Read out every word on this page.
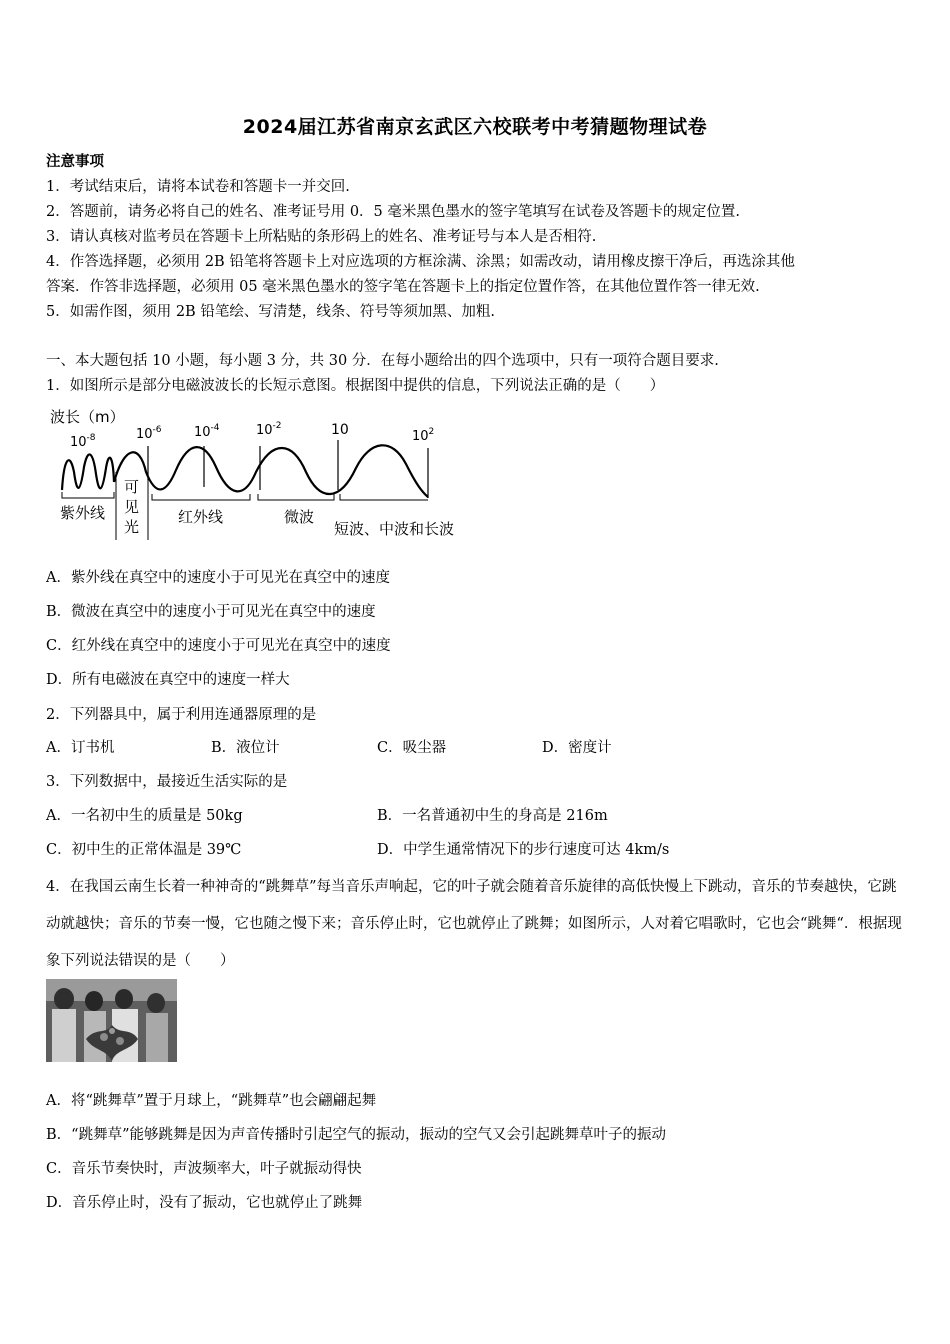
2024届江苏省南京玄武区六校联考中考猜题物理试卷
注意事项
1．考试结束后，请将本试卷和答题卡一并交回.
2．答题前，请务必将自己的姓名、准考证号用 0．5 毫米黑色墨水的签字笔填写在试卷及答题卡的规定位置.
3．请认真核对监考员在答题卡上所粘贴的条形码上的姓名、准考证号与本人是否相符.
4．作答选择题，必须用 2B 铅笔将答题卡上对应选项的方框涂满、涂黑；如需改动，请用橡皮擦干净后，再选涂其他
答案．作答非选择题，必须用 05 毫米黑色墨水的签字笔在答题卡上的指定位置作答，在其他位置作答一律无效.
5．如需作图，须用 2B 铅笔绘、写清楚，线条、符号等须加黑、加粗.
一、本大题包括 10 小题，每小题 3 分，共 30 分．在每小题给出的四个选项中，只有一项符合题目要求.
1．如图所示是部分电磁波波长的长短示意图。根据图中提供的信息，下列说法正确的是（　　）
波长（m）
$10^{-8}$	$10^{-6}$ $10^{-4}$	$10^{-2}$	10	$10^2$
紫外线
可
见
光
红外线	微波
短波、中波和长波
A．紫外线在真空中的速度小于可见光在真空中的速度
B．微波在真空中的速度小于可见光在真空中的速度
C．红外线在真空中的速度小于可见光在真空中的速度
D．所有电磁波在真空中的速度一样大
2．下列器具中，属于利用连通器原理的是
A．订书机	B．液位计	C．吸尘器	D．密度计
3．下列数据中，最接近生活实际的是
A．一名初中生的质量是 50kg	B．一名普通初中生的身高是 216m
C．初中生的正常体温是 39℃	D．中学生通常情况下的步行速度可达 4km/s
4．在我国云南生长着一种神奇的“跳舞草”每当音乐声响起，它的叶子就会随着音乐旋律的高低快慢上下跳动，音乐的节奏越快，它跳动就越快；音乐的节奏一慢，它也随之慢下来；音乐停止时，它也就停止了跳舞；如图所示，人对着它唱歌时，它也会“跳舞“．根据现象下列说法错误的是（　　）
A．将“跳舞草”置于月球上，“跳舞草”也会翩翩起舞
B．“跳舞草”能够跳舞是因为声音传播时引起空气的振动，振动的空气又会引起跳舞草叶子的振动
C．音乐节奏快时，声波频率大，叶子就振动得快
D．音乐停止时，没有了振动，它也就停止了跳舞
